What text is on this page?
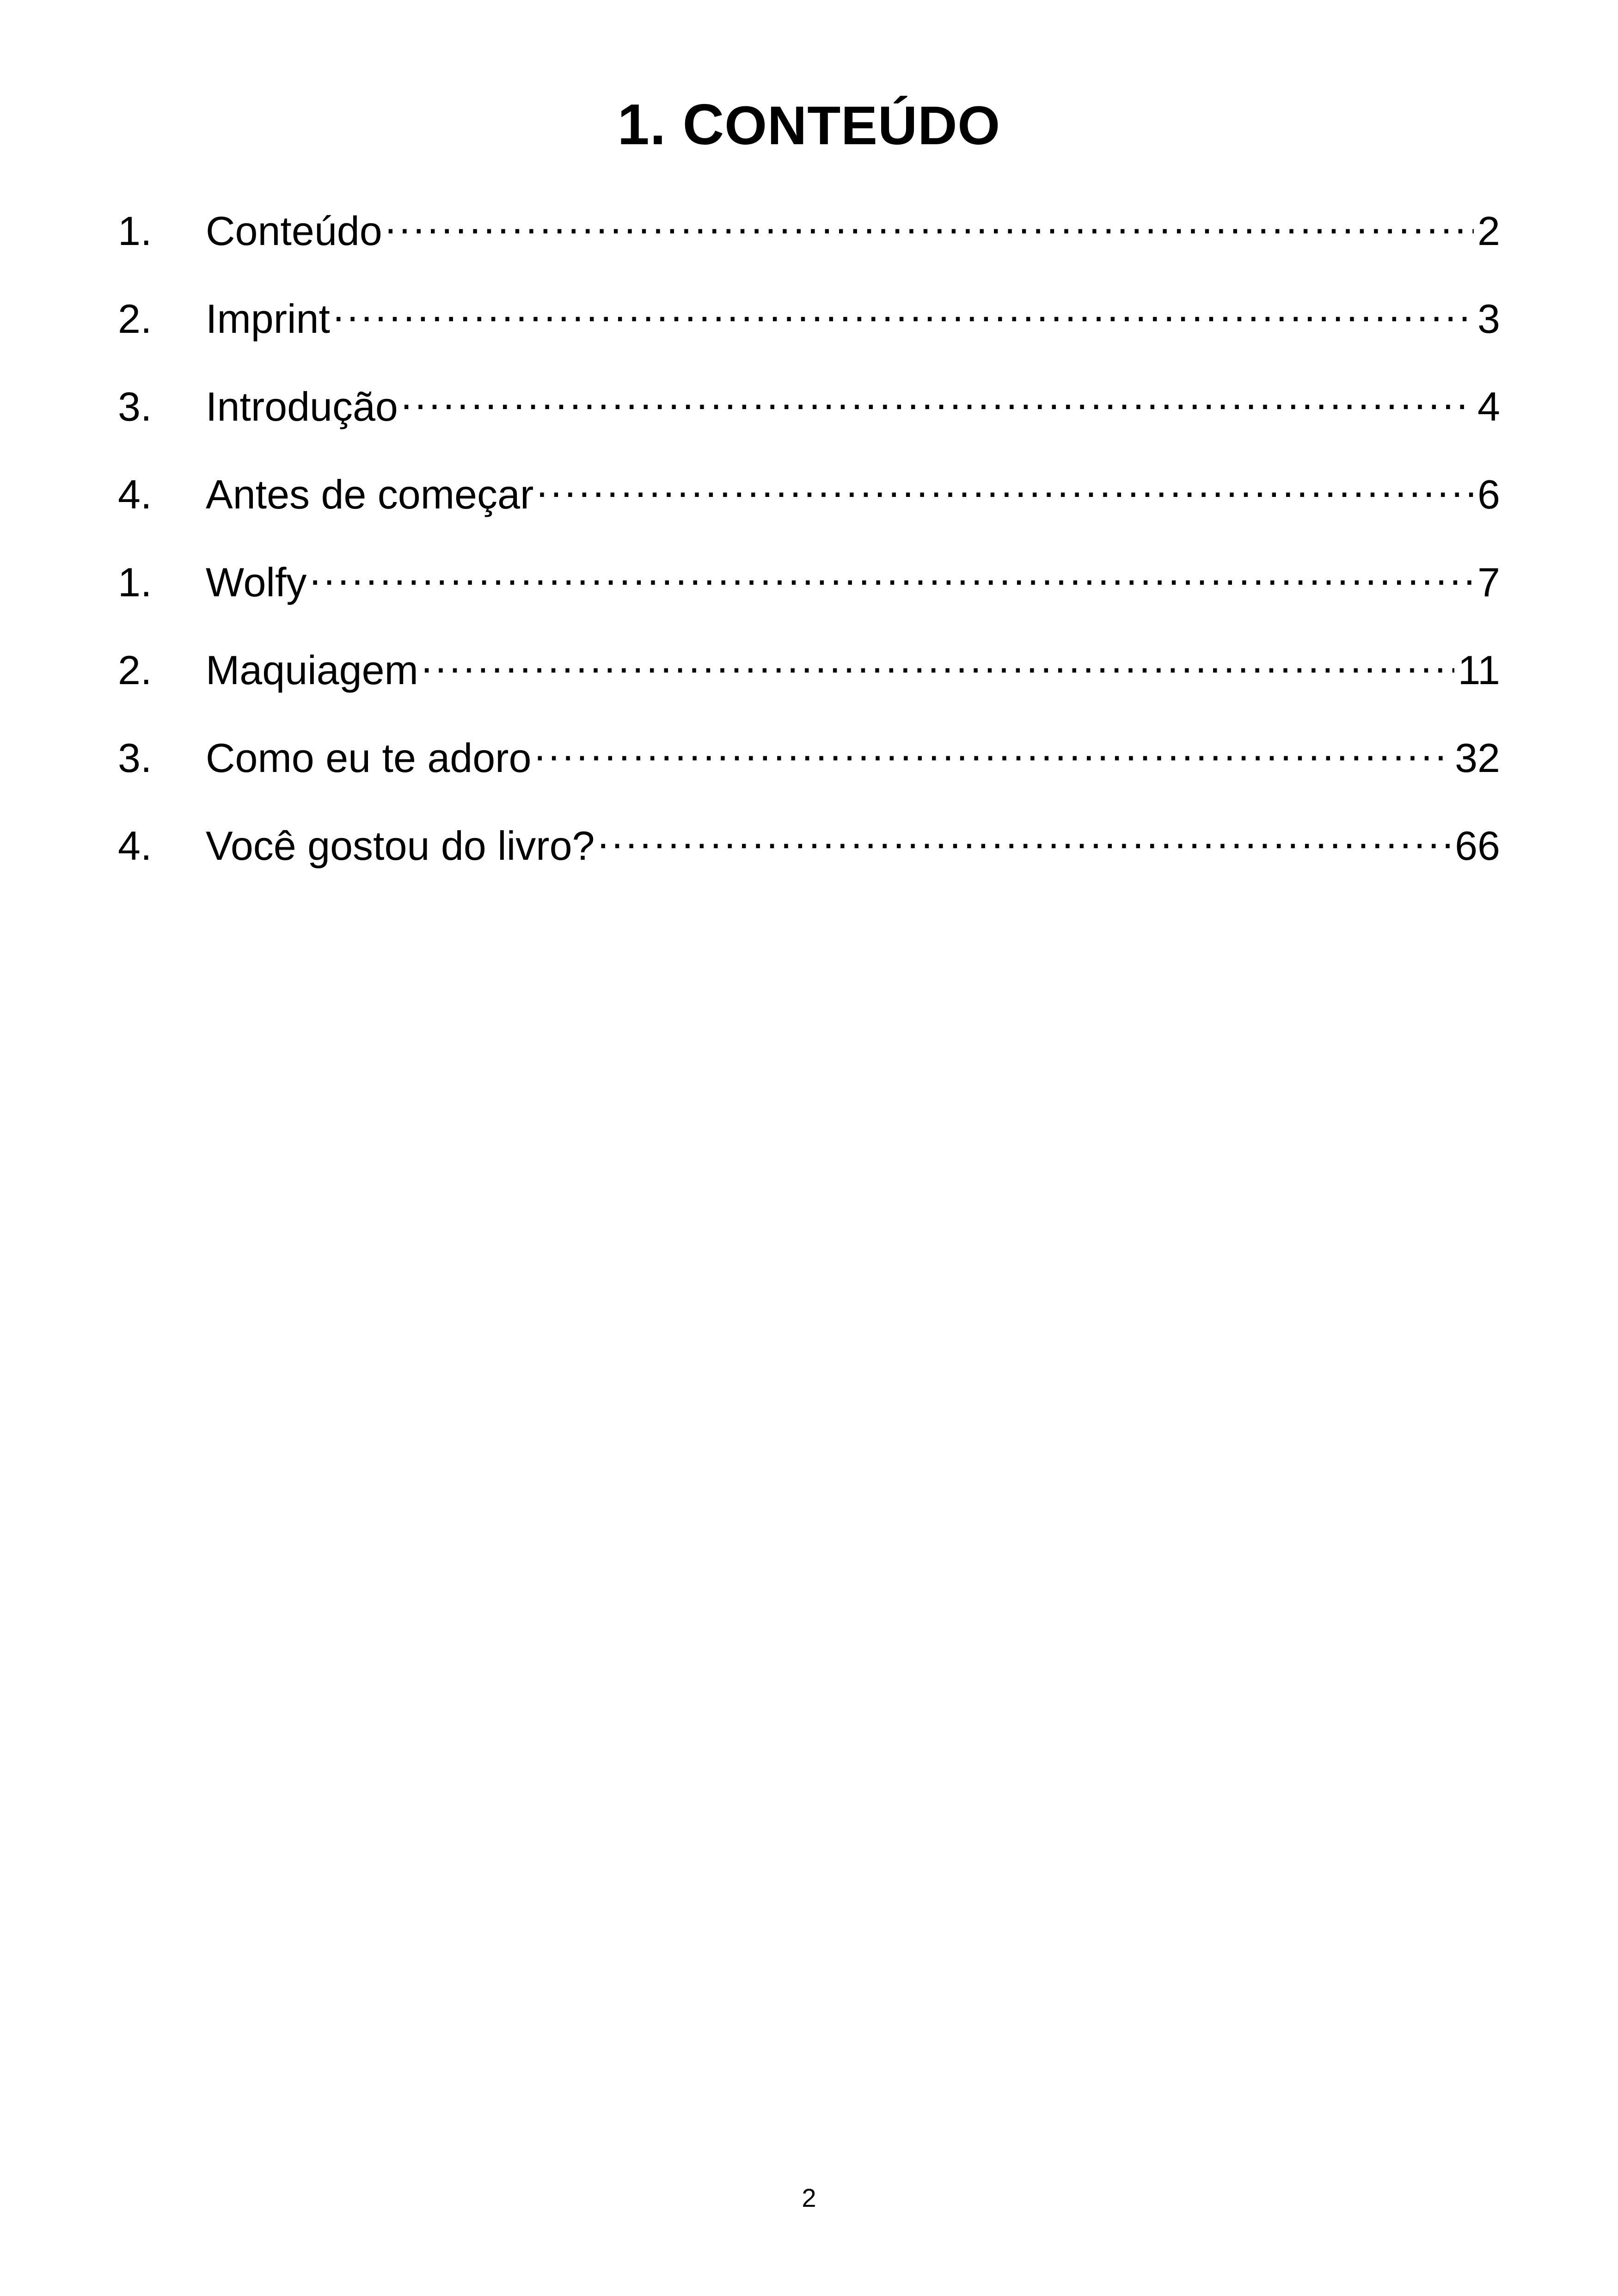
1. CONTEÚDO
1.	Conteúdo .....	2
2.	Imprint .....	3
3.	Introdução .....	4
4.	Antes de começar .....	6
1.	Wolfy .....	7
2.	Maquiagem .....	11
3.	Como eu te adoro .....	32
4.	Você gostou do livro? .....	66
2
